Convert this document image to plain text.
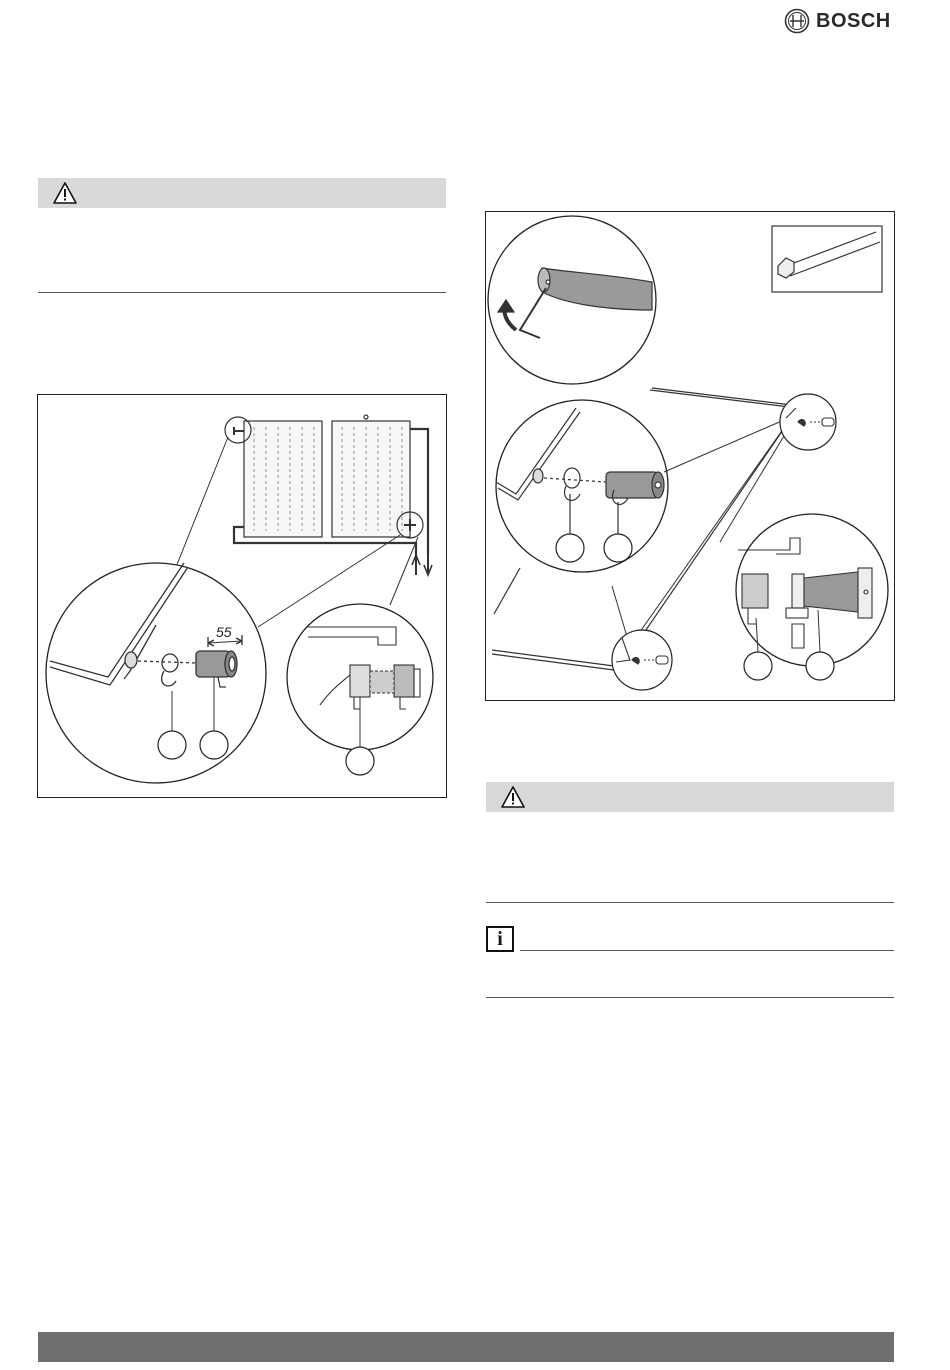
BOSCH
55
i
